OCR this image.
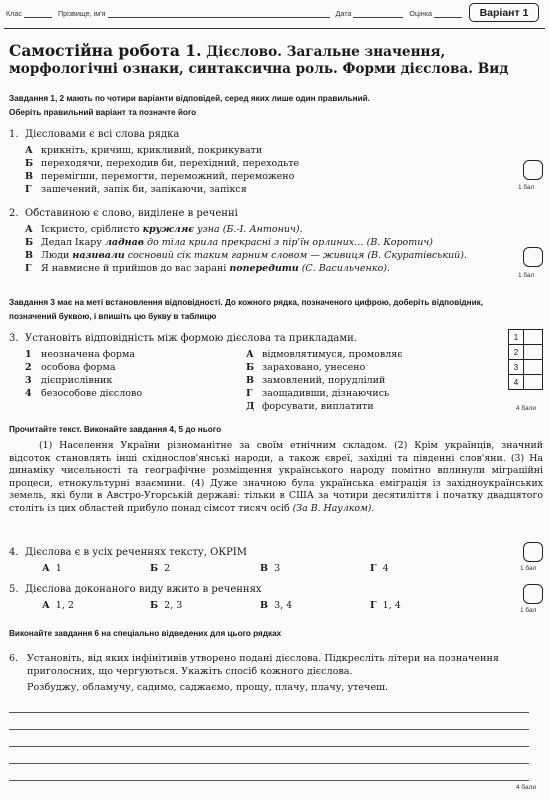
Клас	Прізвище, ім'я	Дата	Оцінка	Варіант 1
Самостійна робота 1. Дієслово. Загальне значення, морфологічні ознаки, синтаксична роль. Форми дієслова. Вид
Завдання 1, 2 мають по чотири варіанти відповідей, серед яких лише один правильний.
Оберіть правильний варіант та позначте його
1. Дієсловами є всі слова рядка
А крикніть, кричиш, крикливий, покрикувати
Б переходячи, переходив би, перехідний, переходьте
В перемігши, перемогти, переможний, переможено
Г зашечений, запік би, запікаючи, запікся	1 бал
2. Обставиною є слово, виділене в реченні
А Іскристо, сріблисто кружляє узна (Б.-І. Антонич).
Б Дедал Ікару ладнав до тіла крила прекрасні з пір'їн орлиних… (В. Коротич)
В Люди називали сосновий сік таким гарним словом — живиця (В. Скуратівський).
Г Я навмисне й прийшов до вас зарані попередити (С. Васильченко).
1 бал
Завдання 3 має на меті встановлення відповідності. До кожного рядка, позначеного цифрою, доберіть відповідник, позначений буквою, і впишіть цю букву в таблицю
3. Установіть відповідність між формою дієслова та прикладами.
1 неозначена форма
2 особова форма
3 дієприслівник
4 безособове дієслово
А відмовлятимуся, промовляє
Б зараховано, унесено
В замовлений, порудлілий
Г заощадивши, дізнаючись
Д форсувати, виплатити
1	
2	
3	
4	
4 бали
Прочитайте текст. Виконайте завдання 4, 5 до нього
(1) Населення України різноманітне за своїм етнічним складом. (2) Крім українців, значний відсоток становлять інші східнослов'янські народи, а також євреї, західні та південні слов'яни. (3) На динаміку чисельності та географічне розміщення українського народу помітно вплинули міграційні процеси, етнокультурні взаємини. (4) Дуже значною була українська еміграція із західноукраїнських земель, які були в Австро-Угорській державі: тільки в США за чотири десятиліття і початку двадцятого століть із цих областей прибуло понад сімсот тисяч осіб (За В. Наулком).
4. Дієслова є в усіх реченнях тексту, ОКРІМ
А 1	Б 2	В 3	Г 4	1 бал
5. Дієслова доконаного виду вжито в реченнях
А 1, 2	Б 2, 3	В 3, 4	Г 1, 4	1 бал
Виконайте завдання 6 на спеціально відведених для цього рядках
6. Установіть, від яких інфінітивів утворено подані дієслова. Підкресліть літери на позначення приголосних, що чергуються. Укажіть спосіб кожного дієслова.
Розбуджу, обламучу, садимо, саджаємо, прощу, плачу, плачу, утечеш.
4 бали
